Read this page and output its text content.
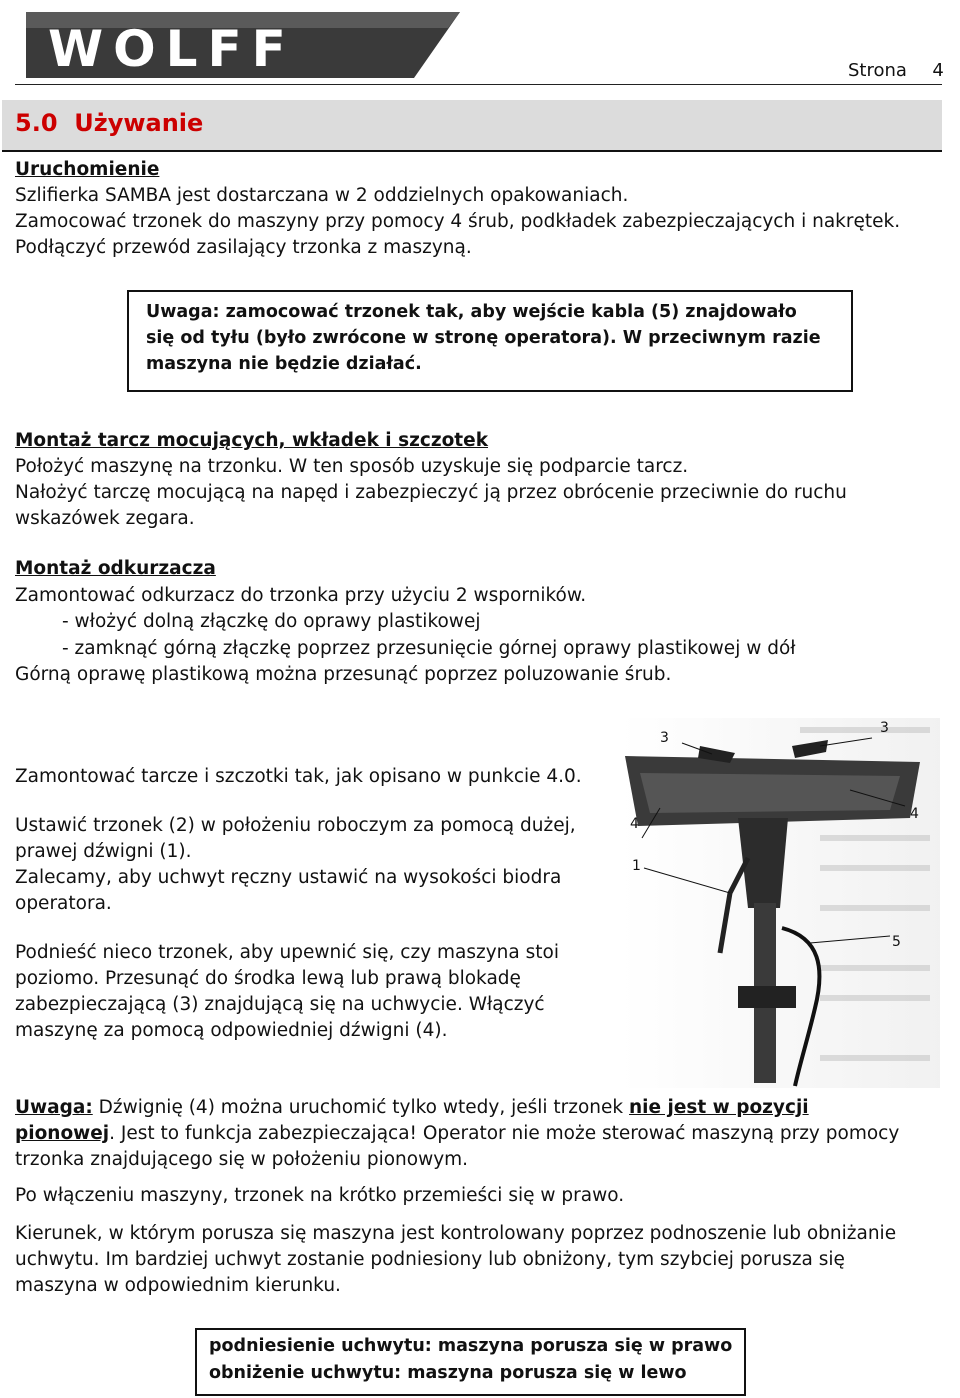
WOLFF	Strona 4
5.0 Używanie
Uruchomienie
Szlifierka SAMBA jest dostarczana w 2 oddzielnych opakowaniach.
Zamocować trzonek do maszyny przy pomocy 4 śrub, podkładek zabezpieczających i nakrętek.
Podłączyć przewód zasilający trzonka z maszyną.
Uwaga: zamocować trzonek tak, aby wejście kabla (5) znajdowało
się od tyłu (było zwrócone w stronę operatora). W przeciwnym razie
maszyna nie będzie działać.
Montaż tarcz mocujących, wkładek i szczotek
Położyć maszynę na trzonku. W ten sposób uzyskuje się podparcie tarcz.
Nałożyć tarczę mocującą na napęd i zabezpieczyć ją przez obrócenie przeciwnie do ruchu
wskazówek zegara.
Montaż odkurzacza
Zamontować odkurzacz do trzonka przy użyciu 2 wsporników.
- włożyć dolną złączkę do oprawy plastikowej
- zamknąć górną złączkę poprzez przesunięcie górnej oprawy plastikowej w dół
Górną oprawę plastikową można przesunąć poprzez poluzowanie śrub.
Zamontować tarcze i szczotki tak, jak opisano w punkcie 4.0.
Ustawić trzonek (2) w położeniu roboczym za pomocą dużej,
prawej dźwigni (1).
Zalecamy, aby uchwyt ręczny ustawić na wysokości biodra
operatora.
Podnieść nieco trzonek, aby upewnić się, czy maszyna stoi
poziomo. Przesunąć do środka lewą lub prawą blokadę
zabezpieczającą (3) znajdującą się na uchwycie. Włączyć
maszynę za pomocą odpowiedniej dźwigni (4).
3
3
4
4
1
5
Uwaga: Dźwignię (4) można uruchomić tylko wtedy, jeśli trzonek nie jest w pozycji
pionowej. Jest to funkcja zabezpieczająca! Operator nie może sterować maszyną przy pomocy
trzonka znajdującego się w położeniu pionowym.
Po włączeniu maszyny, trzonek na krótko przemieści się w prawo.
Kierunek, w którym porusza się maszyna jest kontrolowany poprzez podnoszenie lub obniżanie
uchwytu. Im bardziej uchwyt zostanie podniesiony lub obniżony, tym szybciej porusza się
maszyna w odpowiednim kierunku.
podniesienie uchwytu: maszyna porusza się w prawo
obniżenie uchwytu: maszyna porusza się w lewo
